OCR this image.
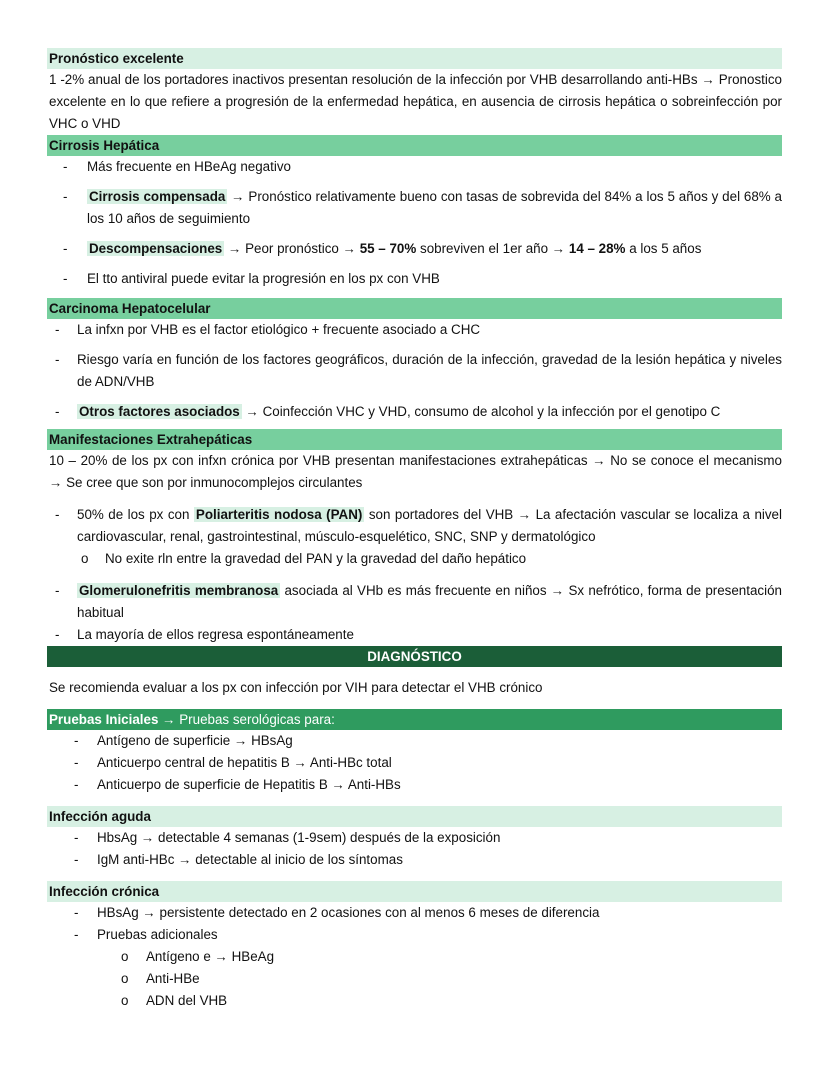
Pronóstico excelente
1 -2% anual de los portadores inactivos presentan resolución de la infección por VHB desarrollando anti-HBs → Pronostico excelente en lo que refiere a progresión de la enfermedad hepática, en ausencia de cirrosis hepática o sobreinfección por VHC o VHD
Cirrosis Hepática
- Más frecuente en HBeAg negativo
- Cirrosis compensada → Pronóstico relativamente bueno con tasas de sobrevida del 84% a los 5 años y del 68% a los 10 años de seguimiento
- Descompensaciones → Peor pronóstico → 55 – 70% sobreviven el 1er año → 14 – 28% a los 5 años
- El tto antiviral puede evitar la progresión en los px con VHB
Carcinoma Hepatocelular
- La infxn por VHB es el factor etiológico + frecuente asociado a CHC
- Riesgo varía en función de los factores geográficos, duración de la infección, gravedad de la lesión hepática y niveles de ADN/VHB
- Otros factores asociados → Coinfección VHC y VHD, consumo de alcohol y la infección por el genotipo C
Manifestaciones Extrahepáticas
10 – 20% de los px con infxn crónica por VHB presentan manifestaciones extrahepáticas → No se conoce el mecanismo → Se cree que son por inmunocomplejos circulantes
- 50% de los px con Poliarteritis nodosa (PAN) son portadores del VHB → La afectación vascular se localiza a nivel cardiovascular, renal, gastrointestinal, músculo-esquelético, SNC, SNP y dermatológico
o No exite rln entre la gravedad del PAN y la gravedad del daño hepático
- Glomerulonefritis membranosa asociada al VHb es más frecuente en niños → Sx nefrótico, forma de presentación habitual
- La mayoría de ellos regresa espontáneamente
DIAGNÓSTICO
Se recomienda evaluar a los px con infección por VIH para detectar el VHB crónico
Pruebas Iniciales → Pruebas serológicas para:
- Antígeno de superficie → HBsAg
- Anticuerpo central de hepatitis B → Anti-HBc total
- Anticuerpo de superficie de Hepatitis B → Anti-HBs
Infección aguda
- HbsAg → detectable 4 semanas (1-9sem) después de la exposición
- IgM anti-HBc → detectable al inicio de los síntomas
Infección crónica
- HBsAg → persistente detectado en 2 ocasiones con al menos 6 meses de diferencia
- Pruebas adicionales
o Antígeno e → HBeAg
o Anti-HBe
o ADN del VHB
